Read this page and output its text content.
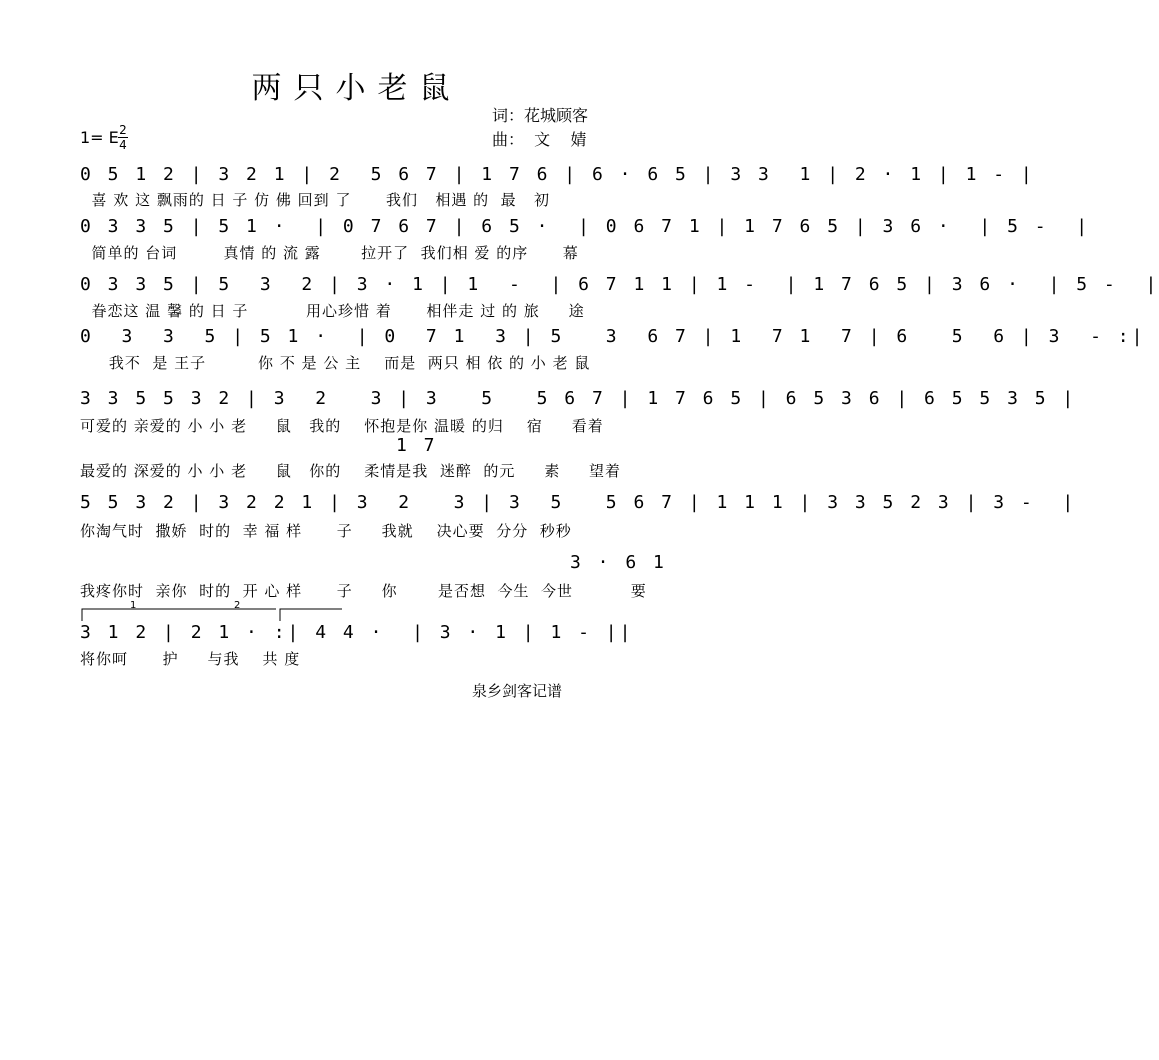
两只小老鼠
词：花城顾客
曲：  文    婧
1= E 2
4
0 5 1 2 | 3 2 1 | 2  5 6 7 | 1 7 6 | 6 · 6 5 | 3 3  1 | 2 · 1 | 1 - |
喜 欢 这 飘雨的 日 子 仿 佛 回到 了      我们   相遇 的  最   初
0 3 3 5 | 5 1 ·  | 0 7 6 7 | 6 5 ·  | 0 6 7 1 | 1 7 6 5 | 3 6 ·  | 5 -  |
简单的 台词        真情 的 流 露       拉开了  我们相 爱 的序      幕
0 3 3 5 | 5  3  2 | 3 · 1 | 1  -  | 6 7 1 1 | 1 -  | 1 7 6 5 | 3 6 ·  | 5 -  |
眷恋这 温 馨 的 日 子          用心珍惜 着      相伴走 过 的 旅     途
0  3  3  5 | 5 1 ·  | 0  7 1  3 | 5   3  6 7 | 1  7 1  7 | 6   5  6 | 3  - :|
我不  是 王子         你 不 是 公 主    而是  两只 相 依 的 小 老 鼠
3 3 5 5 3 2 | 3  2   3 | 3   5   5 6 7 | 1 7 6 5 | 6 5 3 6 | 6 5 5 3 5 |
可爱的 亲爱的 小 小 老     鼠   我的    怀抱是你 温暖 的归    宿     看着
1 7
最爱的 深爱的 小 小 老     鼠   你的    柔情是我  迷醉  的元     素     望着
5 5 3 2 | 3 2 2 1 | 3  2   3 | 3  5   5 6 7 | 1 1 1 | 3 3 5 2 3 | 3 -  |
你淘气时  撒娇  时的  幸 福 样      子     我就    决心要  分分  秒秒
3 · 6 1
我疼你时  亲你  时的  开 心 样      子     你       是否想  今生  今世          要
1	2
3 1 2 | 2 1 · :| 4 4 ·  | 3 · 1 | 1 - ||
将你呵      护     与我    共 度
泉乡剑客记谱
